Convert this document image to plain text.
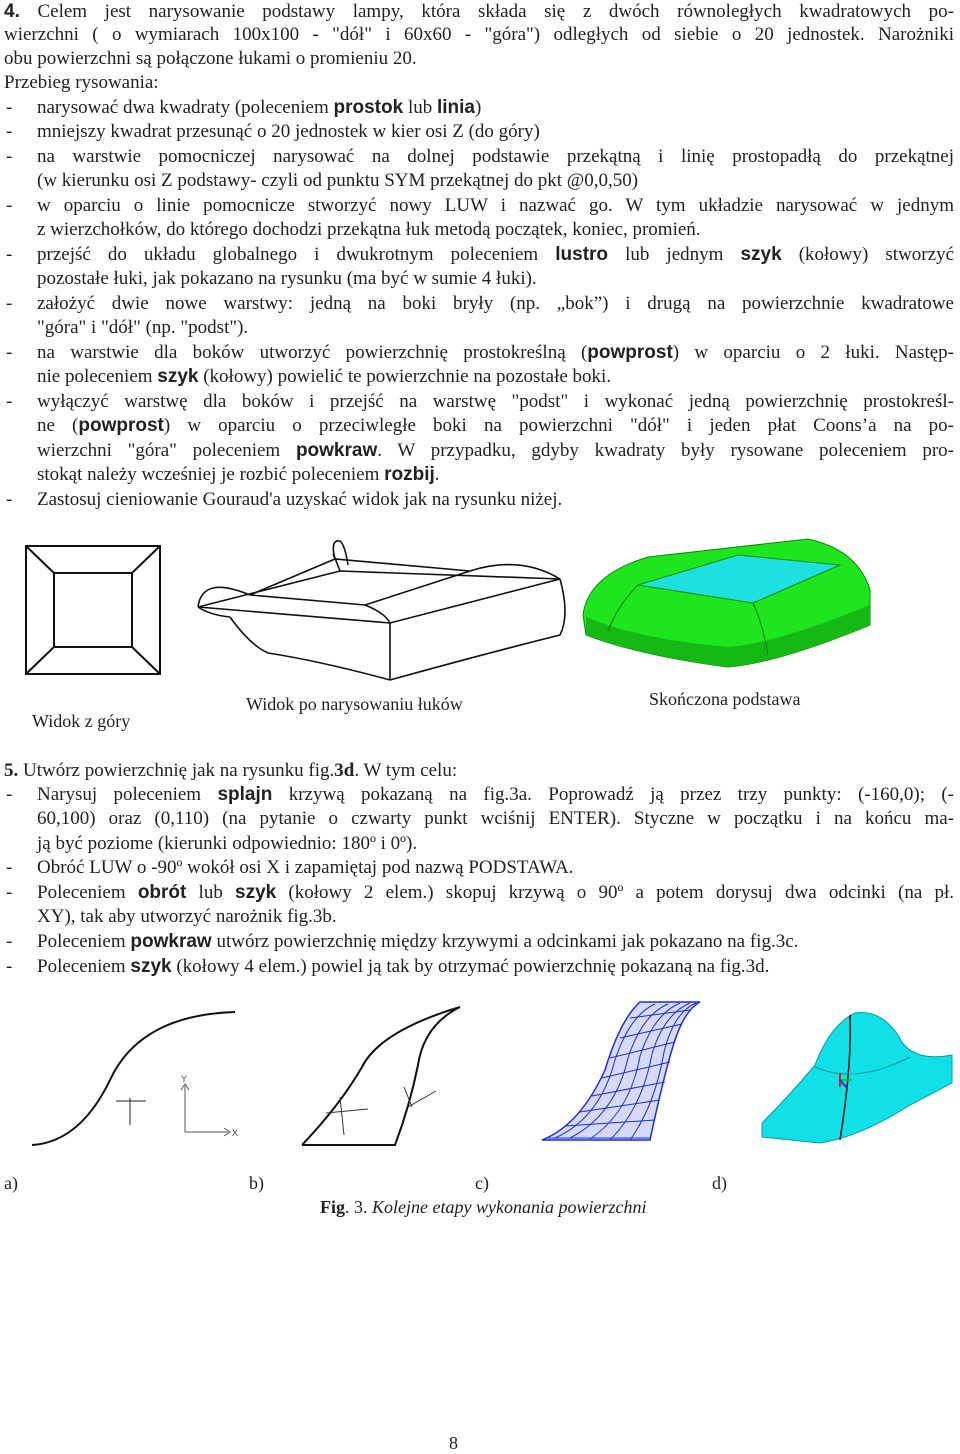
4. Celem jest narysowanie podstawy lampy, która składa się z dwóch równoległych kwadratowych po-
wierzchni ( o wymiarach 100x100 - "dół" i 60x60 - "góra") odległych od siebie o 20 jednostek. Narożniki
obu powierzchni są połączone łukami o promieniu 20.
Przebieg rysowania:
- narysować dwa kwadraty (poleceniem prostok lub linia)
- mniejszy kwadrat przesunąć o 20 jednostek w kier osi Z (do góry)
- na warstwie pomocniczej narysować na dolnej podstawie przekątną i linię prostopadłą do przekątnej
(w kierunku osi Z podstawy- czyli od punktu SYM przekątnej do pkt @0,0,50)
- w oparciu o linie pomocnicze stworzyć nowy LUW i nazwać go. W tym układzie narysować w jednym
z wierzchołków, do którego dochodzi przekątna łuk metodą początek, koniec, promień.
- przejść do układu globalnego i dwukrotnym poleceniem lustro lub jednym szyk (kołowy) stworzyć
pozostałe łuki, jak pokazano na rysunku (ma być w sumie 4 łuki).
- założyć dwie nowe warstwy: jedną na boki bryły (np. „bok”) i drugą na powierzchnie kwadratowe
"góra" i "dół" (np. "podst").
- na warstwie dla boków utworzyć powierzchnię prostokreślną (powprost) w oparciu o 2 łuki. Następ-
nie poleceniem szyk (kołowy) powielić te powierzchnie na pozostałe boki.
- wyłączyć warstwę dla boków i przejść na warstwę "podst" i wykonać jedną powierzchnię prostokreśl-
ne (powprost) w oparciu o przeciwległe boki na powierzchni "dół" i jeden płat Coons’a na po-
wierzchni "góra" poleceniem powkraw. W przypadku, gdyby kwadraty były rysowane poleceniem pro-
stokąt należy wcześniej je rozbić poleceniem rozbij.
- Zastosuj cieniowanie Gouraud'a uzyskać widok jak na rysunku niżej.
Widok z góry
Widok po narysowaniu łuków	Skończona podstawa
5. Utwórz powierzchnię jak na rysunku fig.3d. W tym celu:
- Narysuj poleceniem splajn krzywą pokazaną na fig.3a. Poprowadź ją przez trzy punkty: (-160,0); (-
60,100) oraz (0,110) (na pytanie o czwarty punkt wciśnij ENTER). Styczne w początku i na końcu ma-
ją być poziome (kierunki odpowiednio: 180º i 0º).
- Obróć LUW o -90º wokół osi X i zapamiętaj pod nazwą PODSTAWA.
- Poleceniem obrót lub szyk (kołowy 2 elem.) skopuj krzywą o 90º a potem dorysuj dwa odcinki (na pł.
XY), tak aby utworzyć narożnik fig.3b.
- Poleceniem powkraw utwórz powierzchnię między krzywymi a odcinkami jak pokazano na fig.3c.
- Poleceniem szyk (kołowy 4 elem.) powiel ją tak by otrzymać powierzchnię pokazaną na fig.3d.
Y
X
a)	b)	c)	d)
Fig. 3. Kolejne etapy wykonania powierzchni
8
